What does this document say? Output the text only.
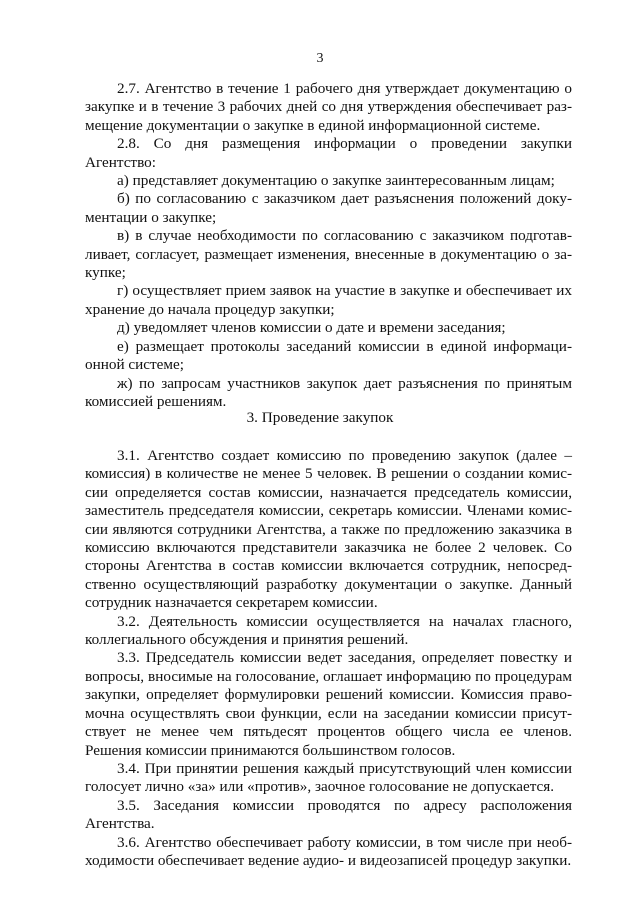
3

2.7. Агентство в течение 1 рабочего дня утверждает документацию о закупке и в течение 3 рабочих дней со дня утверждения обеспечивает размещение документации о закупке в единой информационной системе.

2.8. Со дня размещения информации о проведении закупки Агентство:

а) представляет документацию о закупке заинтересованным лицам;

б) по согласованию с заказчиком дает разъяснения положений документации о закупке;

в) в случае необходимости по согласованию с заказчиком подготавливает, согласует, размещает изменения, внесенные в документацию о закупке;

г) осуществляет прием заявок на участие в закупке и обеспечивает их хранение до начала процедур закупки;

д) уведомляет членов комиссии о дате и времени заседания;

е) размещает протоколы заседаний комиссии в единой информационной системе;

ж) по запросам участников закупок дает разъяснения по принятым комиссией решениям.

3. Проведение закупок

3.1. Агентство создает комиссию по проведению закупок (далее – комиссия) в количестве не менее 5 человек. В решении о создании комиссии определяется состав комиссии, назначается председатель комиссии, заместитель председателя комиссии, секретарь комиссии. Членами комиссии являются сотрудники Агентства, а также по предложению заказчика в комиссию включаются представители заказчика не более 2 человек. Со стороны Агентства в состав комиссии включается сотрудник, непосредственно осуществляющий разработку документации о закупке. Данный сотрудник назначается секретарем комиссии.

3.2. Деятельность комиссии осуществляется на началах гласного, коллегиального обсуждения и принятия решений.

3.3. Председатель комиссии ведет заседания, определяет повестку и вопросы, вносимые на голосование, оглашает информацию по процедурам закупки, определяет формулировки решений комиссии. Комиссия правомочна осуществлять свои функции, если на заседании комиссии присутствует не менее чем пятьдесят процентов общего числа ее членов. Решения комиссии принимаются большинством голосов.

3.4. При принятии решения каждый присутствующий член комиссии голосует лично «за» или «против», заочное голосование не допускается.

3.5. Заседания комиссии проводятся по адресу расположения Агентства.

3.6. Агентство обеспечивает работу комиссии, в том числе при необходимости обеспечивает ведение аудио- и видеозаписей процедур закупки.
